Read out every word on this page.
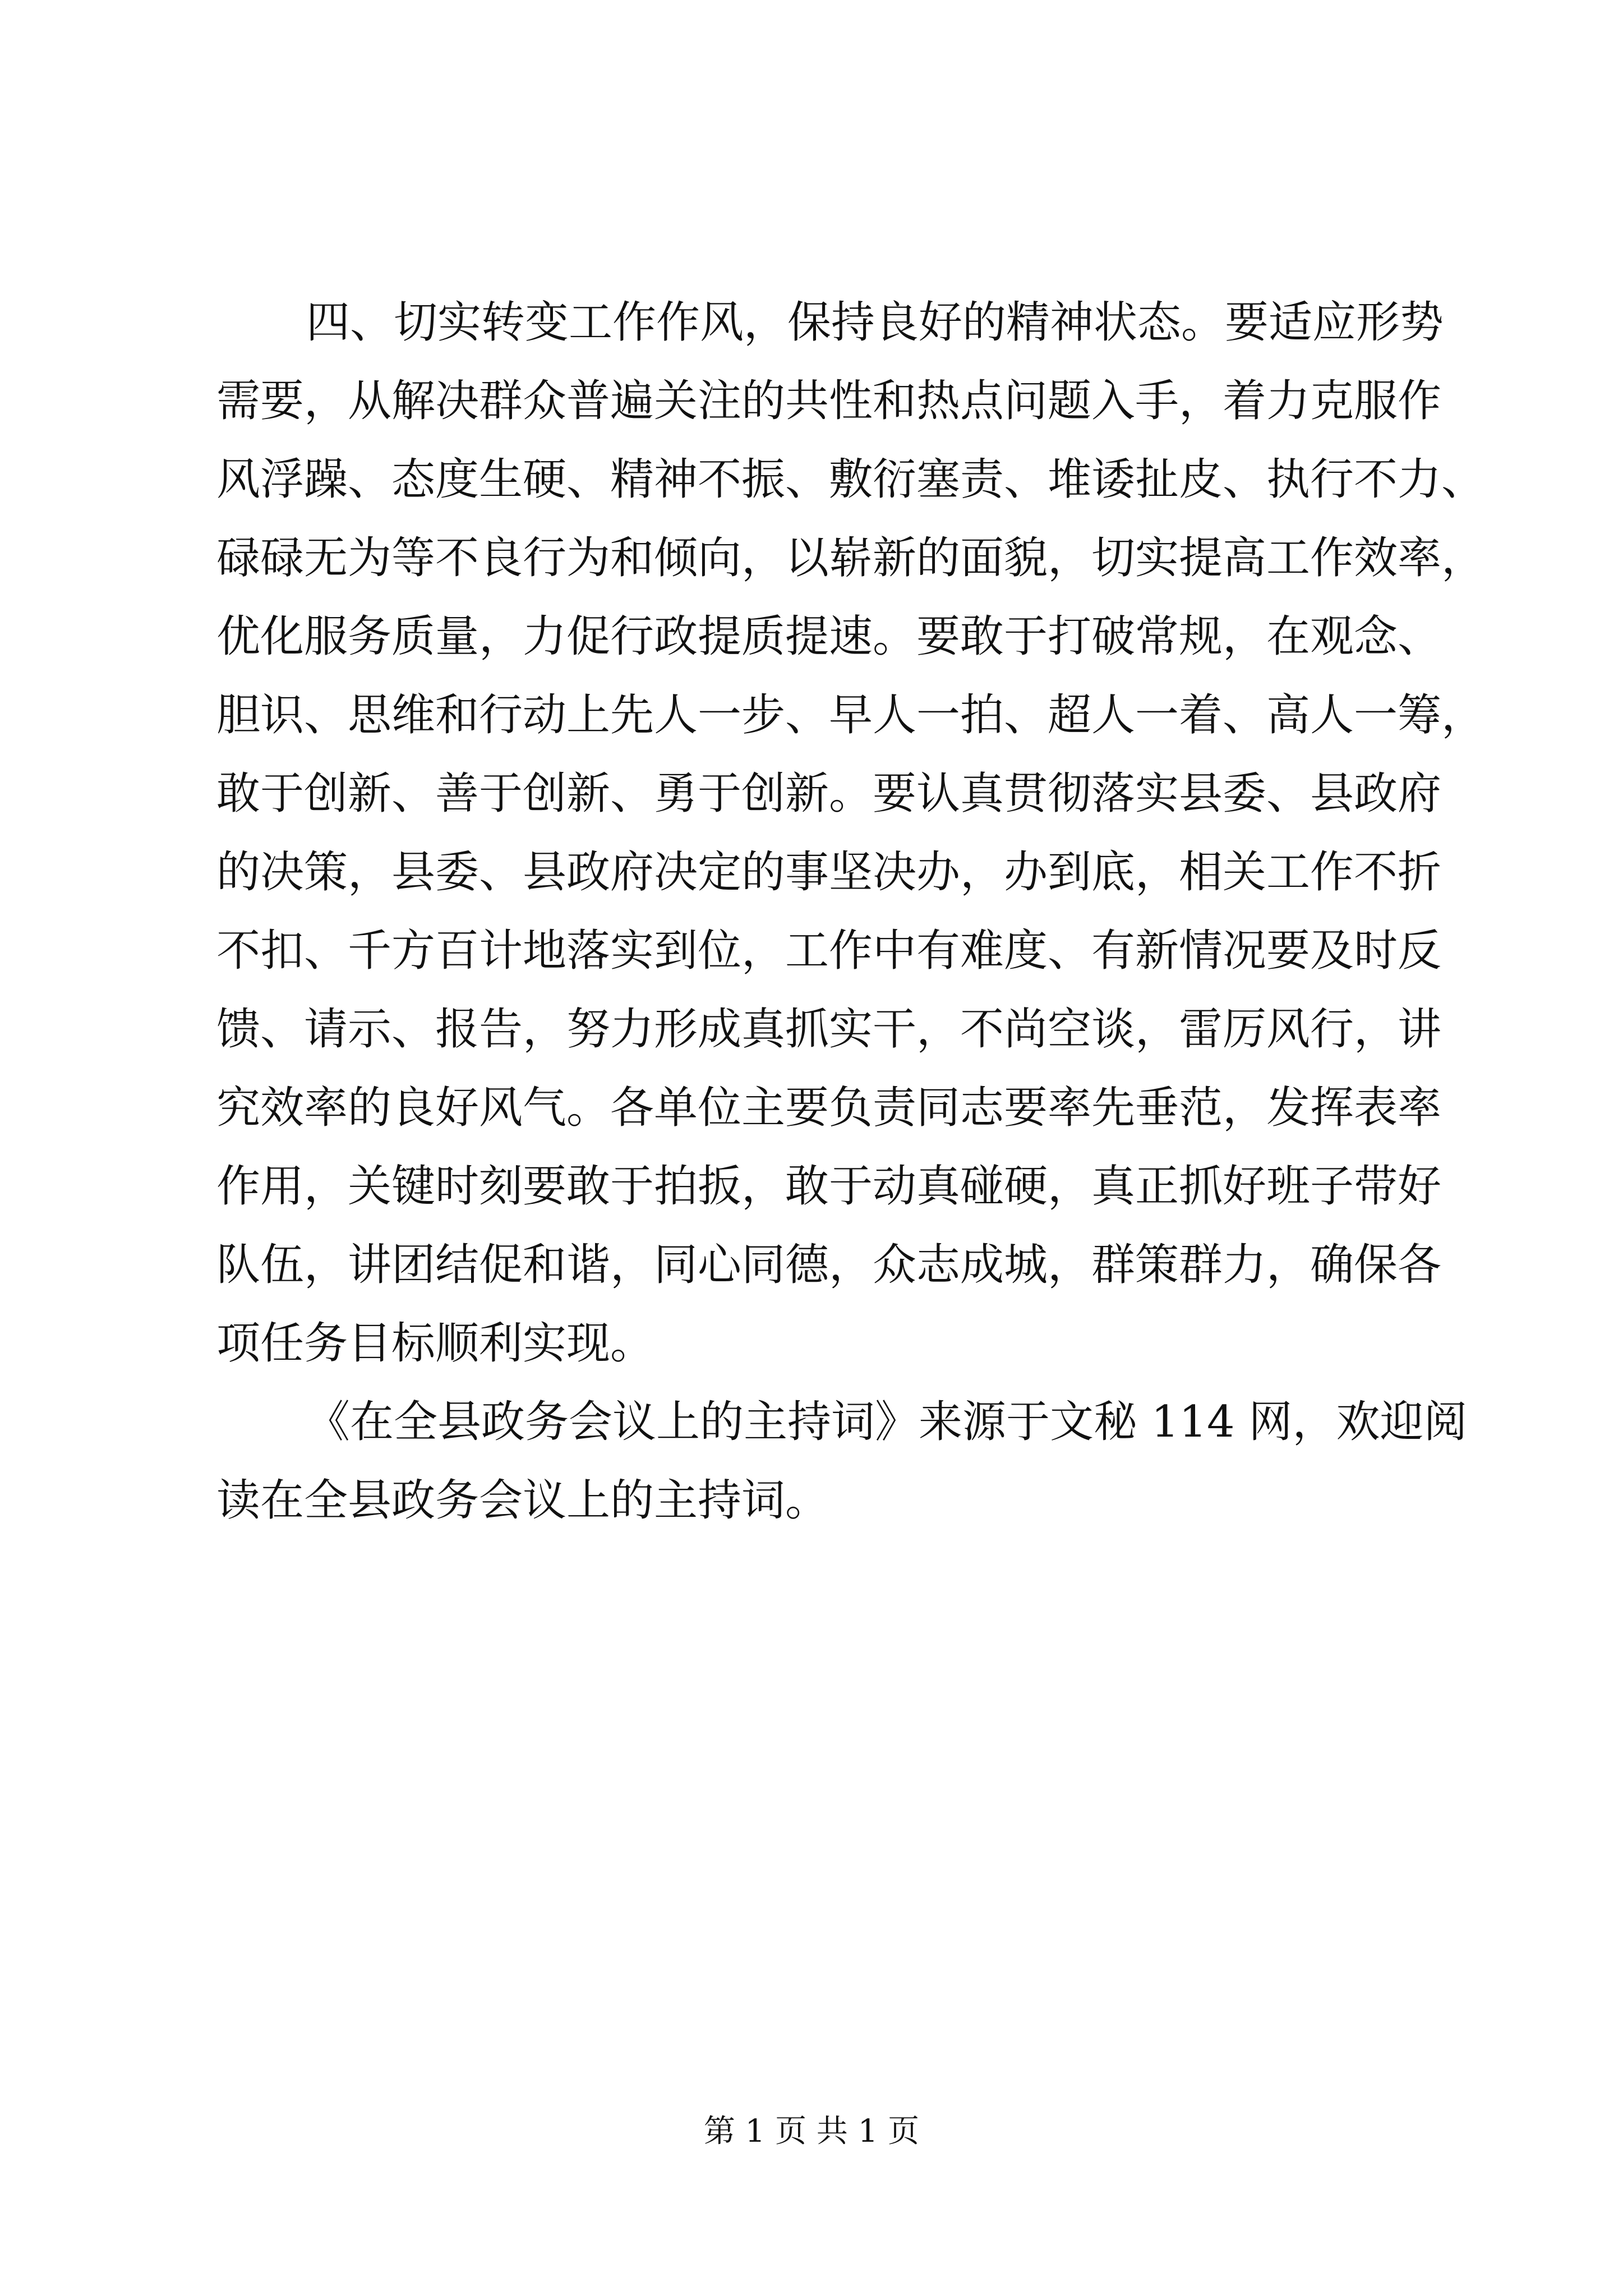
四、切实转变工作作风，保持良好的精神状态。要适应形势
需要，从解决群众普遍关注的共性和热点问题入手，着力克服作
风浮躁、态度生硬、精神不振、敷衍塞责、堆诿扯皮、执行不力、
碌碌无为等不良行为和倾向，以崭新的面貌，切实提高工作效率，
优化服务质量，力促行政提质提速。要敢于打破常规，在观念、
胆识、思维和行动上先人一步、早人一拍、超人一着、高人一筹，
敢于创新、善于创新、勇于创新。要认真贯彻落实县委、县政府
的决策，县委、县政府决定的事坚决办，办到底，相关工作不折
不扣、千方百计地落实到位，工作中有难度、有新情况要及时反
馈、请示、报告，努力形成真抓实干，不尚空谈，雷厉风行，讲
究效率的良好风气。各单位主要负责同志要率先垂范，发挥表率
作用，关键时刻要敢于拍扳，敢于动真碰硬，真正抓好班子带好
队伍，讲团结促和谐，同心同德，众志成城，群策群力，确保各
项任务目标顺利实现。
《在全县政务会议上的主持词》来源于文秘 114 网，欢迎阅
读在全县政务会议上的主持词。
第 1 页 共 1 页
